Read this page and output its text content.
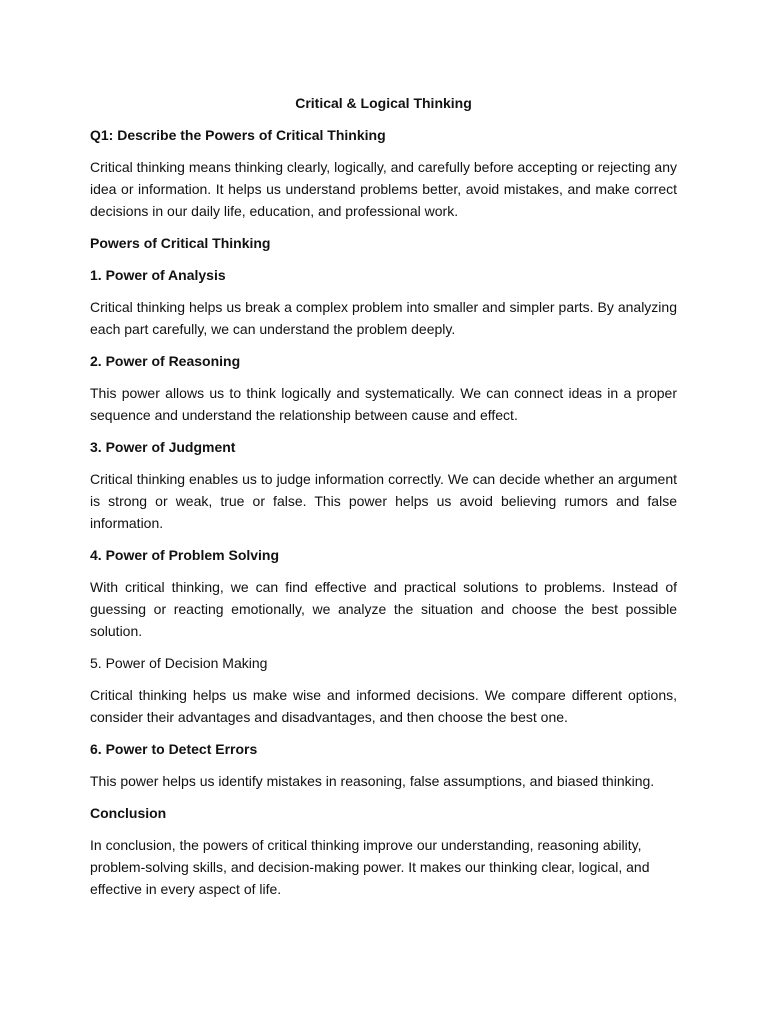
Critical & Logical Thinking
Q1: Describe the Powers of Critical Thinking
Critical thinking means thinking clearly, logically, and carefully before accepting or rejecting any idea or information. It helps us understand problems better, avoid mistakes, and make correct decisions in our daily life, education, and professional work.
Powers of Critical Thinking
1. Power of Analysis
Critical thinking helps us break a complex problem into smaller and simpler parts. By analyzing each part carefully, we can understand the problem deeply.
2. Power of Reasoning
This power allows us to think logically and systematically. We can connect ideas in a proper sequence and understand the relationship between cause and effect.
3. Power of Judgment
Critical thinking enables us to judge information correctly. We can decide whether an argument is strong or weak, true or false. This power helps us avoid believing rumors and false information.
4. Power of Problem Solving
With critical thinking, we can find effective and practical solutions to problems. Instead of guessing or reacting emotionally, we analyze the situation and choose the best possible solution.
5. Power of Decision Making
Critical thinking helps us make wise and informed decisions. We compare different options, consider their advantages and disadvantages, and then choose the best one.
6. Power to Detect Errors
This power helps us identify mistakes in reasoning, false assumptions, and biased thinking.
Conclusion
In conclusion, the powers of critical thinking improve our understanding, reasoning ability, problem-solving skills, and decision-making power. It makes our thinking clear, logical, and effective in every aspect of life.
